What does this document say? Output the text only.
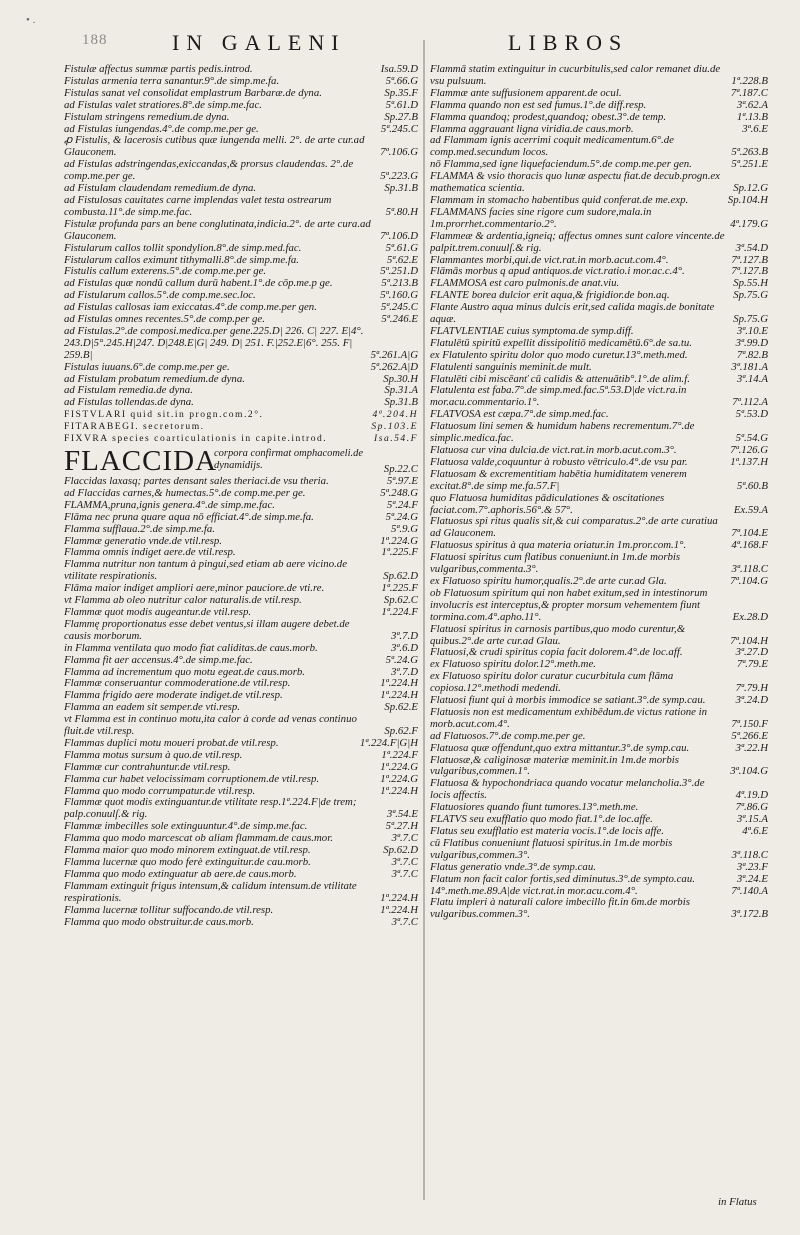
• .
188	IN GALENI	LIBROS
Fistulæ affectus summæ partis pedis.introd.	Isa.59.D
Fistulas armenia terra sanantur.9°.de simp.me.fa.	5ª.66.G
Fistulas sanat vel consolidat emplastrum Barbaræ.de dyna.	Sp.35.F
ad Fistulas valet stratiores.8°.de simp.me.fac.	5ª.61.D
Fistulam stringens remedium.de dyna.	Sp.27.B
ad Fistulas iungendas.4°.de comp.me.per ge.	5ª.245.C
ꝓ Fistulis, & lacerosis cutibus quæ iungenda melli. 2°. de arte cur.ad Glauconem.	7ª.106.G
ad Fistulas adstringendas,exiccandas,& prorsus claudendas. 2°.de comp.me.per ge.	5ª.223.G
ad Fistulam claudendam remedium.de dyna.	Sp.31.B
ad Fistulosas cauitates carne implendas valet testa ostrearum combusta.11°.de simp.me.fac.	5ª.80.H
Fistulæ profunda pars an bene conglutinata,indicia.2°. de arte cura.ad Glauconem.	7ª.106.D
Fistularum callos tollit spondylion.8°.de simp.med.fac.	5ª.61.G
Fistularum callos eximunt tithymalli.8°.de simp.me.fa.	5ª.62.E
Fistulis callum exterens.5°.de comp.me.per ge.	5ª.251.D
ad Fistulas quæ nondū callum durū habent.1°.de cōp.me.p ge.	5ª.213.B
ad Fistularum callos.5°.de comp.me.sec.loc.	5ª.160.G
ad Fistulas callosas iam exiccatas.4°.de comp.me.per gen.	5ª.245.C
ad Fistulas omnes recentes.5°.de comp.per ge.	5ª.246.E
ad Fistulas.2°.de composi.medica.per gene.225.D| 226. C| 227. E|4°. 243.D|5°.245.H|247. D|248.E|G| 249. D| 251. F.|252.E|6°. 255. F| 259.B|	5ª.261.A|G
Fistulas iuuans.6°.de comp.me.per ge.	5ª.262.A|D
ad Fistulam probatum remedium.de dyna.	Sp.30.H
ad Fistulam remedia.de dyna.	Sp.31.A
ad Fistulas tollendas.de dyna.	Sp.31.B
FISTVLARI quid sit.in progn.com.2°.	4ª.204.H
FITARABEGI. secretorum.	Sp.103.E
FIXVRA species coarticulationis in capite.introd.	Isa.54.F
FLACCIDA
corpora confirmat omphacomeli.de dynamidijs.	Sp.22.C
Flaccidas laxasq; partes densant sales theriaci.de vsu theria.	5ª.97.E
ad Flaccidas carnes,& humectas.5°.de comp.me.per ge.	5ª.248.G
FLAMMA,pruna,ignis genera.4°.de simp.me.fac.	5ª.24.F
Flāma nec pruna quare aqua nō efficiat.4°.de simp.me.fa.	5ª.24.G
Flamma sufflaua.2°.de simp.me.fa.	5ª.9.G
Flammæ generatio vnde.de vtil.resp.	1ª.224.G
Flamma omnis indiget aere.de vtil.resp.	1ª.225.F
Flamma nutritur non tantum à pingui,sed etiam ab aere vicino.de vtilitate respirationis.	Sp.62.D
Flāma maior indiget ampliori aere,minor pauciore.de vti.re.	1ª.225.F
vt Flamma ab oleo nutritur calor naturalis.de vtil.resp.	Sp.62.C
Flammæ quot modis augeantur.de vtil.resp.	1ª.224.F
Flammę proportionatus esse debet ventus,si illam augere debet.de causis morborum.	3ª.7.D
in Flamma ventilata quo modo fiat caliditas.de caus.morb.	3ª.6.D
Flamma fit aer accensus.4°.de simp.me.fac.	5ª.24.G
Flamma ad incrementum quo motu egeat.de caus.morb.	3ª.7.D
Flammæ conseruantur commoderatione.de vtil.resp.	1ª.224.H
Flamma frigido aere moderate indiget.de vtil.resp.	1ª.224.H
Flamma an eadem sit semper.de vti.resp.	Sp.62.E
vt Flamma est in continuo motu,ita calor à corde ad venas continuo fluit.de vtil.resp.	Sp.62.F
Flammas duplici motu moueri probat.de vtil.resp.	1ª.224.F|G|H
Flamma motus sursum à quo.de vtil.resp.	1ª.224.F
Flammæ cur contrahuntur.de vtil.resp.	1ª.224.G
Flamma cur habet velocissimam corruptionem.de vtil.resp.	1ª.224.G
Flamma quo modo corrumpatur.de vtil.resp.	1ª.224.H
Flammæ quot modis extinguantur.de vtilitate resp.1ª.224.F|de trem; palp.conuulſ.& rig.	3ª.54.E
Flammæ imbecilles sole extinguuntur.4°.de simp.me.fac.	5ª.27.H
Flamma quo modo marcescat ob aliam flammam.de caus.mor.	3ª.7.C
Flamma maior quo modo minorem extinguat.de vtil.resp.	Sp.62.D
Flamma lucernæ quo modo ferè extinguitur.de cau.morb.	3ª.7.C
Flamma quo modo extinguatur ab aere.de caus.morb.	3ª.7.C
Flammam extinguit frigus intensum,& calidum intensum.de vtilitate respirationis.	1ª.224.H
Flamma lucernæ tollitur suffocando.de vtil.resp.	1ª.224.H
Flamma quo modo obstruitur.de caus.morb.	3ª.7.C
Flammā statim extinguitur in cucurbitulis,sed calor remanet diu.de vsu pulsuum.	1ª.228.B
Flammæ ante suffusionem apparent.de ocul.	7ª.187.C
Flamma quando non est sed fumus.1°.de diff.resp.	3ª.62.A
Flamma quandoq; prodest,quandoq; obest.3°.de temp.	1ª.13.B
Flamma aggrauant ligna viridia.de caus.morb.	3ª.6.E
ad Flammam ignis acerrimi coquit medicamentum.6°.de comp.med.secundum locos.	5ª.263.B
nō Flamma,sed igne liquefaciendum.5°.de comp.me.per gen.	5ª.251.E
FLAMMA & vsio thoracis quo lunæ aspectu fiat.de decub.progn.ex mathematica scientia.	Sp.12.G
Flammam in stomacho habentibus quid conferat.de me.exp.	Sp.104.H
FLAMMANS facies sine rigore cum sudore,mala.in 1m.prorrhet.commentario.2°.	4ª.179.G
Flammeæ & ardentia,igneiq; affectus omnes sunt calore vincente.de palpit.trem.conuulſ.& rig.	3ª.54.D
Flammantes morbi,qui.de vict.rat.in morb.acut.com.4°.	7ª.127.B
Flāmās morbus q apud antiquos.de vict.ratio.i mor.ac.c.4°.	7ª.127.B
FLAMMOSA est caro pulmonis.de anat.viu.	Sp.55.H
FLANTE borea dulcior erit aqua,& frigidior.de bon.aq.	Sp.75.G
Flante Austro aqua minus dulcis erit,sed calida magis.de bonitate aquæ.	Sp.75.G
FLATVLENTIAE cuius symptoma.de symp.diff.	3ª.10.E
Flatulētū spiritū expellit dissipolitiō medicamētū.6°.de sa.tu.	3ª.99.D
ex Flatulento spiritu dolor quo modo curetur.13°.meth.med.	7ª.82.B
Flatulenti sanguinis meminit.de mult.	3ª.181.A
Flatulēti cibi miscēanť cū calidis & attenuātib°.1°.de alim.f.	3ª.14.A
Flatulenta est faba.7°.de simp.med.fac.5ª.53.D|de vict.ra.in mor.acu.commentario.1°.	7ª.112.A
FLATVOSA est cæpa.7°.de simp.med.fac.	5ª.53.D
Flatuosum lini semen & humidum habens recrementum.7°.de simplic.medica.fac.	5ª.54.G
Flatuosa cur vina dulcia.de vict.rat.in morb.acut.com.3°.	7ª.126.G
Flatuosa valde,coquuntur à robusto vētriculo.4°.de vsu par.	1ª.137.H
Flatuosam & excrementitiam habētia humiditatem venerem excitat.8°.de simp me.fa.57.F|	5ª.60.B
quo Flatuosa humiditas pādiculationes & oscitationes faciat.com.7°.aphoris.56°.& 57°.	Ex.59.A
Flatuosus spi ritus qualis sit,& cui comparatus.2°.de arte curatiua ad Glauconem.	7ª.104.E
Flatuosus spiritus à qua materia oriatur.in 1m.pror.com.1°.	4ª.168.F
Flatuosi spiritus cum flatibus conueniunt.in 1m.de morbis vulgaribus,commenta.3°.	3ª.118.C
ex Flatuoso spiritu humor,qualis.2°.de arte cur.ad Gla.	7ª.104.G
ob Flatuosum spiritum qui non habet exitum,sed in intestinorum involucris est interceptus,& propter morsum vehementem fiunt tormina.com.4°.apho.11°.	Ex.28.D
Flatuosi spiritus in carnosis partibus,quo modo curentur,& quibus.2°.de arte cur.ad Glau.	7ª.104.H
Flatuosi,& crudi spiritus copia facit dolorem.4°.de loc.aff.	3ª.27.D
ex Flatuoso spiritu dolor.12°.meth.me.	7ª.79.E
ex Flatuoso spiritu dolor curatur cucurbitula cum flāma copiosa.12°.methodi medendi.	7ª.79.H
Flatuosi fiunt qui à morbis immodice se satiant.3°.de symp.cau.	3ª.24.D
Flatuosis non est medicamentum exhibēdum.de victus ratione in morb.acut.com.4°.	7ª.150.F
ad Flatuosos.7°.de comp.me.per ge.	5ª.266.E
Flatuosa quæ offendunt,quo extra mittantur.3°.de symp.cau.	3ª.22.H
Flatuosæ,& caliginosæ materiæ meminit.in 1m.de morbis vulgaribus,commen.1°.	3ª.104.G
Flatuosa & hypochondriaca quando vocatur melancholia.3°.de locis affectis.	4ª.19.D
Flatuosiores quando fiunt tumores.13°.meth.me.	7ª.86.G
FLATVS seu exufflatio quo modo fiat.1°.de loc.affe.	3ª.15.A
Flatus seu exufflatio est materia vocis.1°.de locis affe.	4ª.6.E
cū Flatibus conueniunt flatuosi spiritus.in 1m.de morbis vulgaribus,commen.3°.	3ª.118.C
Flatus generatio vnde.3°.de symp.cau.	3ª.23.F
Flatum non facit calor fortis,sed diminutus.3°.de sympto.cau.	3ª.24.E
14°.meth.me.89.A|de vict.rat.in mor.acu.com.4°.	7ª.140.A
Flatu impleri à naturali calore imbecillo fit.in 6m.de morbis vulgaribus.commen.3°.	3ª.172.B
in Flatus
